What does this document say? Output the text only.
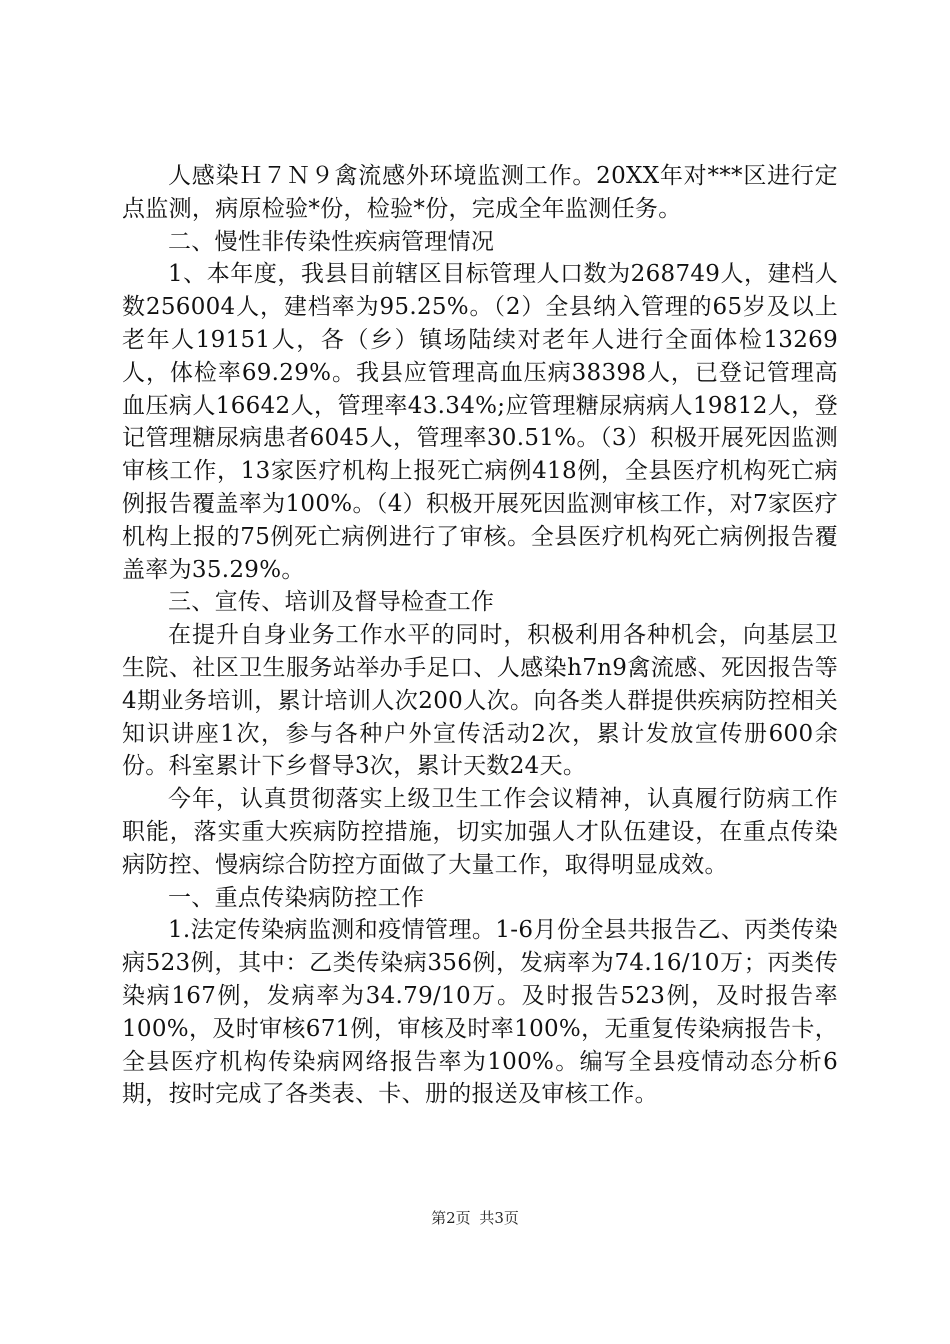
人感染Ｈ７Ｎ９禽流感外环境监测工作。20XX年对***区进行定点监测，病原检验*份，检验*份，完成全年监测任务。

二、慢性非传染性疾病管理情况

1、本年度，我县目前辖区目标管理人口数为268749人，建档人数256004人，建档率为95.25%。（2）全县纳入管理的65岁及以上老年人19151人，各（乡）镇场陆续对老年人进行全面体检13269人，体检率69.29%。我县应管理高血压病38398人，已登记管理高血压病人16642人，管理率43.34%;应管理糖尿病病人19812人，登记管理糖尿病患者6045人，管理率30.51%。（3）积极开展死因监测审核工作，13家医疗机构上报死亡病例418例，全县医疗机构死亡病例报告覆盖率为100%。（4）积极开展死因监测审核工作，对7家医疗机构上报的75例死亡病例进行了审核。全县医疗机构死亡病例报告覆盖率为35.29%。

三、宣传、培训及督导检查工作

在提升自身业务工作水平的同时，积极利用各种机会，向基层卫生院、社区卫生服务站举办手足口、人感染h7n9禽流感、死因报告等4期业务培训，累计培训人次200人次。向各类人群提供疾病防控相关知识讲座1次，参与各种户外宣传活动2次，累计发放宣传册600余份。科室累计下乡督导3次，累计天数24天。

今年，认真贯彻落实上级卫生工作会议精神，认真履行防病工作职能，落实重大疾病防控措施，切实加强人才队伍建设，在重点传染病防控、慢病综合防控方面做了大量工作，取得明显成效。

一、重点传染病防控工作

1.法定传染病监测和疫情管理。1-6月份全县共报告乙、丙类传染病523例，其中：乙类传染病356例，发病率为74.16/10万；丙类传染病167例，发病率为34.79/10万。及时报告523例，及时报告率100%，及时审核671例，审核及时率100%，无重复传染病报告卡，全县医疗机构传染病网络报告率为100%。编写全县疫情动态分析6期，按时完成了各类表、卡、册的报送及审核工作。

第2页 共3页
